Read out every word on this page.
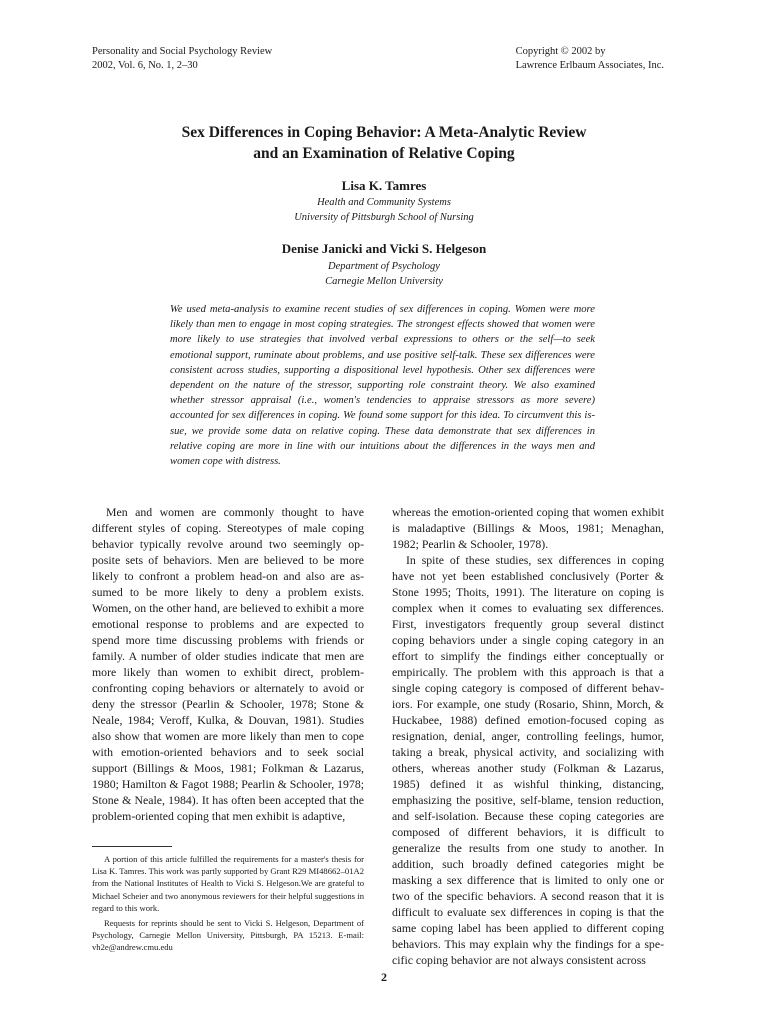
Personality and Social Psychology Review
2002, Vol. 6, No. 1, 2–30
Copyright © 2002 by
Lawrence Erlbaum Associates, Inc.
Sex Differences in Coping Behavior: A Meta-Analytic Review
and an Examination of Relative Coping
Lisa K. Tamres
Health and Community Systems
University of Pittsburgh School of Nursing
Denise Janicki and Vicki S. Helgeson
Department of Psychology
Carnegie Mellon University
We used meta-analysis to examine recent studies of sex differences in coping. Women were more likely than men to engage in most coping strategies. The strongest effects showed that women were more likely to use strategies that involved verbal expressions to others or the self—to seek emotional support, ruminate about problems, and use positive self-talk. These sex differences were consistent across studies, supporting a dispositional level hypothesis. Other sex differences were dependent on the nature of the stressor, supporting role constraint theory. We also examined whether stressor appraisal (i.e., women's tendencies to appraise stressors as more severe) accounted for sex differences in coping. We found some support for this idea. To circumvent this issue, we provide some data on relative coping. These data demonstrate that sex differences in relative coping are more in line with our intuitions about the differences in the ways men and women cope with distress.

Men and women are commonly thought to have different styles of coping. Stereotypes of male coping behavior typically revolve around two seemingly opposite sets of behaviors. Men are believed to be more likely to confront a problem head-on and also are assumed to be more likely to deny a problem exists. Women, on the other hand, are believed to exhibit a more emotional response to problems and are expected to spend more time discussing problems with friends or family. A number of older studies indicate that men are more likely than women to exhibit direct, problem-confronting coping behaviors or alternately to avoid or deny the stressor (Pearlin & Schooler, 1978; Stone & Neale, 1984; Veroff, Kulka, & Douvan, 1981). Studies also show that women are more likely than men to cope with emotion-oriented behaviors and to seek social support (Billings & Moos, 1981; Folkman & Lazarus, 1980; Hamilton & Fagot 1988; Pearlin & Schooler, 1978; Stone & Neale, 1984). It has often been accepted that the problem-oriented coping that men exhibit is adaptive,

whereas the emotion-oriented coping that women exhibit is maladaptive (Billings & Moos, 1981; Menaghan, 1982; Pearlin & Schooler, 1978).

In spite of these studies, sex differences in coping have not yet been established conclusively (Porter & Stone 1995; Thoits, 1991). The literature on coping is complex when it comes to evaluating sex differences. First, investigators frequently group several distinct coping behaviors under a single coping category in an effort to simplify the findings either conceptually or empirically. The problem with this approach is that a single coping category is composed of different behaviors. For example, one study (Rosario, Shinn, Morch, & Huckabee, 1988) defined emotion-focused coping as resignation, denial, anger, controlling feelings, humor, taking a break, physical activity, and socializing with others, whereas another study (Folkman & Lazarus, 1985) defined it as wishful thinking, distancing, emphasizing the positive, self-blame, tension reduction, and self-isolation. Because these coping categories are composed of different behaviors, it is difficult to generalize the results from one study to another. In addition, such broadly defined categories might be masking a sex difference that is limited to only one or two of the specific behaviors. A second reason that it is difficult to evaluate sex differences in coping is that the same coping label has been applied to different coping behaviors. This may explain why the findings for a specific coping behavior are not always consistent across

A portion of this article fulfilled the requirements for a master's thesis for Lisa K. Tamres. This work was partly supported by Grant R29 MI48662–01A2 from the National Institutes of Health to Vicki S. Helgeson.We are grateful to Michael Scheier and two anonymous reviewers for their helpful suggestions in regard to this work.

Requests for reprints should be sent to Vicki S. Helgeson, Department of Psychology, Carnegie Mellon University, Pittsburgh, PA 15213. E-mail: vh2e@andrew.cmu.edu

2
